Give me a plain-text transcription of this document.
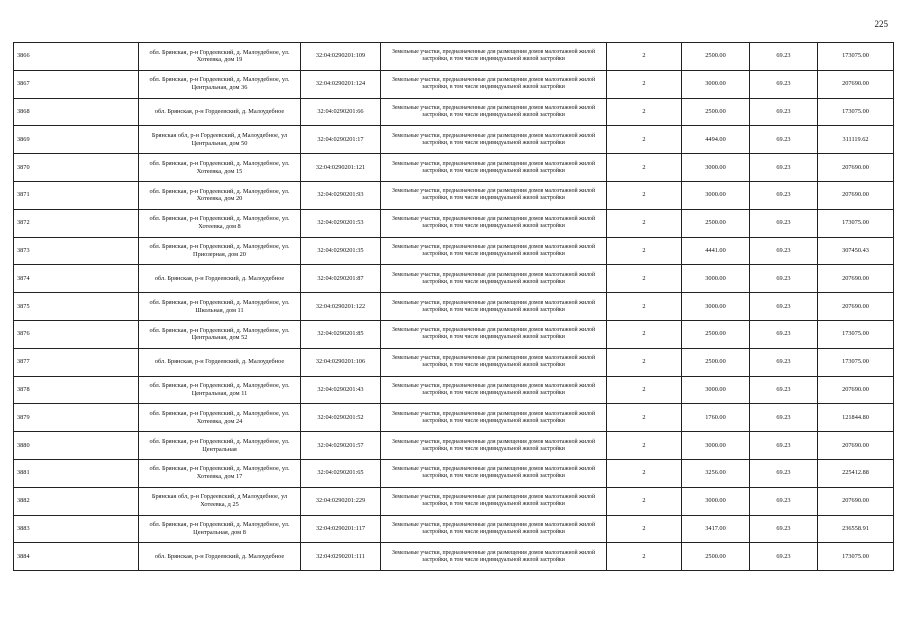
225
3866	обл. Брянская, р-н Гордеевский, д. Малоудебное, ул. Хотеевка, дом 19	32:04:0290201:109	Земельные участки, предназначенные для размещения домов малоэтажной жилой застройки, в том числе индивидуальной жилой застройки	2	2500.00	69.23	173075.00
3867	обл. Брянская, р-н Гордеевский, д. Малоудебное, ул. Центральная, дом 36	32:04:0290201:124	Земельные участки, предназначенные для размещения домов малоэтажной жилой застройки, в том числе индивидуальной жилой застройки	2	3000.00	69.23	207690.00
3868	обл. Брянская, р-н Гордеевский, д. Малоудебное	32:04:0290201:66	Земельные участки, предназначенные для размещения домов малоэтажной жилой застройки, в том числе индивидуальной жилой застройки	2	2500.00	69.23	173075.00
3869	Брянская обл, р-н Гордеевский, д Малоудебное, ул Центральная, дом 50	32:04:0290201:17	Земельные участки, предназначенные для размещения домов малоэтажной жилой застройки, в том числе индивидуальной жилой застройки	2	4494.00	69.23	311119.62
3870	обл. Брянская, р-н Гордеевский, д. Малоудебное, ул. Хотеевка, дом 15	32:04:0290201:121	Земельные участки, предназначенные для размещения домов малоэтажной жилой застройки, в том числе индивидуальной жилой застройки	2	3000.00	69.23	207690.00
3871	обл. Брянская, р-н Гордеевский, д. Малоудебное, ул. Хотеевка, дом 20	32:04:0290201:93	Земельные участки, предназначенные для размещения домов малоэтажной жилой застройки, в том числе индивидуальной жилой застройки	2	3000.00	69.23	207690.00
3872	обл. Брянская, р-н Гордеевский, д. Малоудебное, ул. Хотеевка, дом 8	32:04:0290201:53	Земельные участки, предназначенные для размещения домов малоэтажной жилой застройки, в том числе индивидуальной жилой застройки	2	2500.00	69.23	173075.00
3873	обл. Брянская, р-н Гордеевский, д. Малоудебное, ул. Приозерная, дом 20	32:04:0290201:35	Земельные участки, предназначенные для размещения домов малоэтажной жилой застройки, в том числе индивидуальной жилой застройки	2	4441.00	69.23	307450.43
3874	обл. Брянская, р-н Гордеевский, д. Малоудебное	32:04:0290201:87	Земельные участки, предназначенные для размещения домов малоэтажной жилой застройки, в том числе индивидуальной жилой застройки	2	3000.00	69.23	207690.00
3875	обл. Брянская, р-н Гордеевский, д. Малоудебное, ул. Школьная, дом 11	32:04:0290201:122	Земельные участки, предназначенные для размещения домов малоэтажной жилой застройки, в том числе индивидуальной жилой застройки	2	3000.00	69.23	207690.00
3876	обл. Брянская, р-н Гордеевский, д. Малоудебное, ул. Центральная, дом 52	32:04:0290201:85	Земельные участки, предназначенные для размещения домов малоэтажной жилой застройки, в том числе индивидуальной жилой застройки	2	2500.00	69.23	173075.00
3877	обл. Брянская, р-н Гордеевский, д. Малоудебное	32:04:0290201:106	Земельные участки, предназначенные для размещения домов малоэтажной жилой застройки, в том числе индивидуальной жилой застройки	2	2500.00	69.23	173075.00
3878	обл. Брянская, р-н Гордеевский, д. Малоудебное, ул. Центральная, дом 11	32:04:0290201:43	Земельные участки, предназначенные для размещения домов малоэтажной жилой застройки, в том числе индивидуальной жилой застройки	2	3000.00	69.23	207690.00
3879	обл. Брянская, р-н Гордеевский, д. Малоудебное, ул. Хотеевка, дом 24	32:04:0290201:52	Земельные участки, предназначенные для размещения домов малоэтажной жилой застройки, в том числе индивидуальной жилой застройки	2	1760.00	69.23	121844.80
3880	обл. Брянская, р-н Гордеевский, д. Малоудебное, ул. Центральная	32:04:0290201:57	Земельные участки, предназначенные для размещения домов малоэтажной жилой застройки, в том числе индивидуальной жилой застройки	2	3000.00	69.23	207690.00
3881	обл. Брянская, р-н Гордеевский, д. Малоудебное, ул. Хотеевка, дом 17	32:04:0290201:65	Земельные участки, предназначенные для размещения домов малоэтажной жилой застройки, в том числе индивидуальной жилой застройки	2	3256.00	69.23	225412.88
3882	Брянская обл, р-н Гордеевский, д Малоудебное, ул Хотеевка, д 25	32:04:0290201:229	Земельные участки, предназначенные для размещения домов малоэтажной жилой застройки, в том числе индивидуальной жилой застройки	2	3000.00	69.23	207690.00
3883	обл. Брянская, р-н Гордеевский, д. Малоудебное, ул. Центральная, дом 8	32:04:0290201:117	Земельные участки, предназначенные для размещения домов малоэтажной жилой застройки, в том числе индивидуальной жилой застройки	2	3417.00	69.23	236558.91
3884	обл. Брянская, р-н Гордеевский, д. Малоудебное	32:04:0290201:111	Земельные участки, предназначенные для размещения домов малоэтажной жилой застройки, в том числе индивидуальной жилой застройки	2	2500.00	69.23	173075.00
